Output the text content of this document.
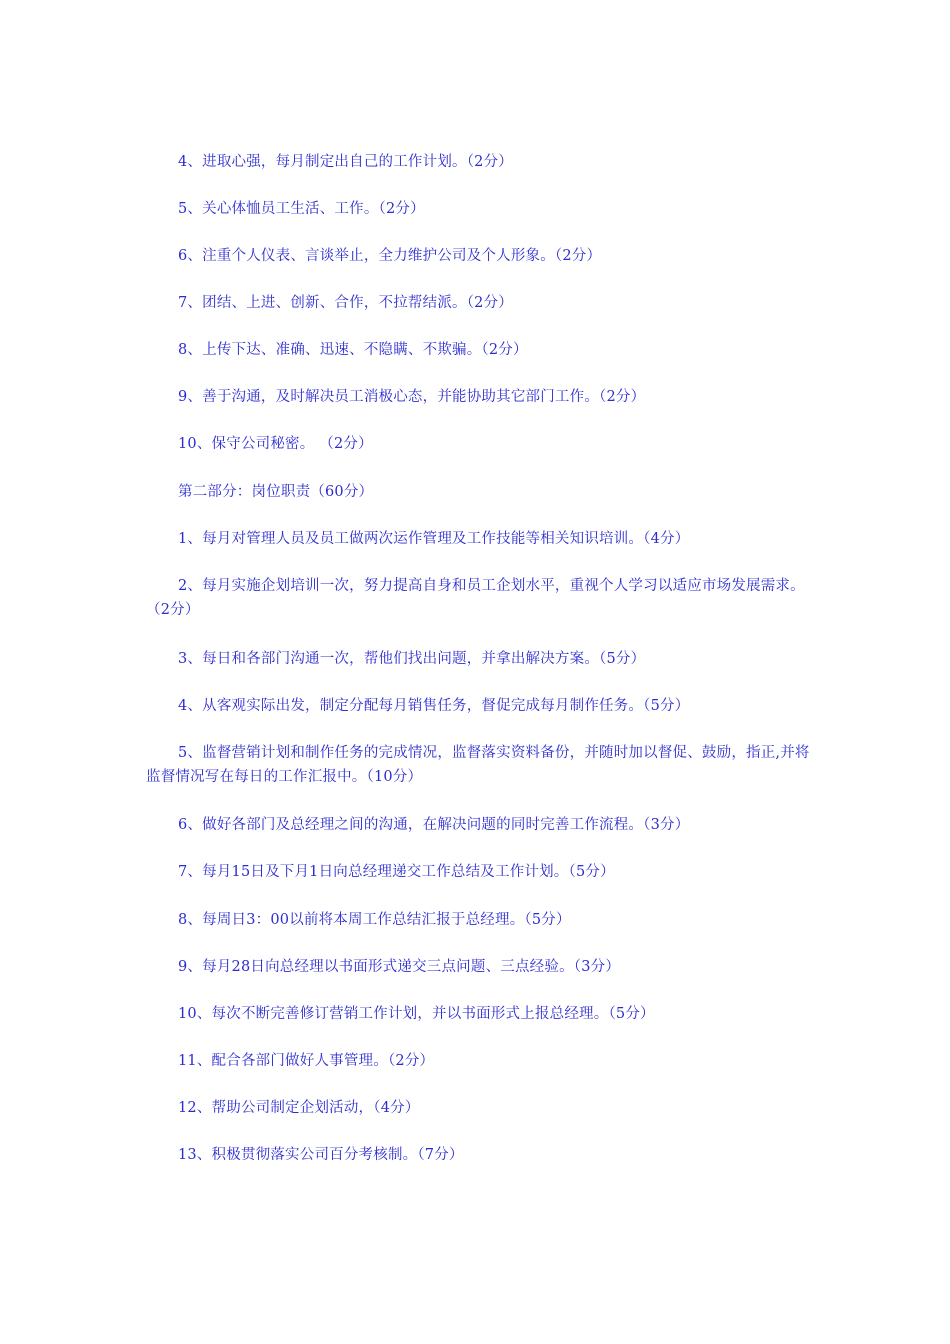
4、进取心强，每月制定出自己的工作计划。（2分）

5、关心体恤员工生活、工作。（2分）

6、注重个人仪表、言谈举止，全力维护公司及个人形象。（2分）

7、团结、上进、创新、合作，不拉帮结派。（2分）

8、上传下达、准确、迅速、不隐瞒、不欺骗。（2分）

9、善于沟通，及时解决员工消极心态，并能协助其它部门工作。（2分）

10、保守公司秘密。 （2分）

第二部分：岗位职责（60分）

1、每月对管理人员及员工做两次运作管理及工作技能等相关知识培训。（4分）

2、每月实施企划培训一次，努力提高自身和员工企划水平，重视个人学习以适应市场发展需求。（2分）

3、每日和各部门沟通一次，帮他们找出问题，并拿出解决方案。（5分）

4、从客观实际出发，制定分配每月销售任务，督促完成每月制作任务。（5分）

5、监督营销计划和制作任务的完成情况，监督落实资料备份，并随时加以督促、鼓励，指正,并将监督情况写在每日的工作汇报中。（10分）

6、做好各部门及总经理之间的沟通，在解决问题的同时完善工作流程。（3分）

7、每月15日及下月1日向总经理递交工作总结及工作计划。（5分）

8、每周日3：00以前将本周工作总结汇报于总经理。（5分）

9、每月28日向总经理以书面形式递交三点问题、三点经验。（3分）

10、每次不断完善修订营销工作计划，并以书面形式上报总经理。（5分）

11、配合各部门做好人事管理。（2分）

12、帮助公司制定企划活动，（4分）

13、积极贯彻落实公司百分考核制。（7分）
